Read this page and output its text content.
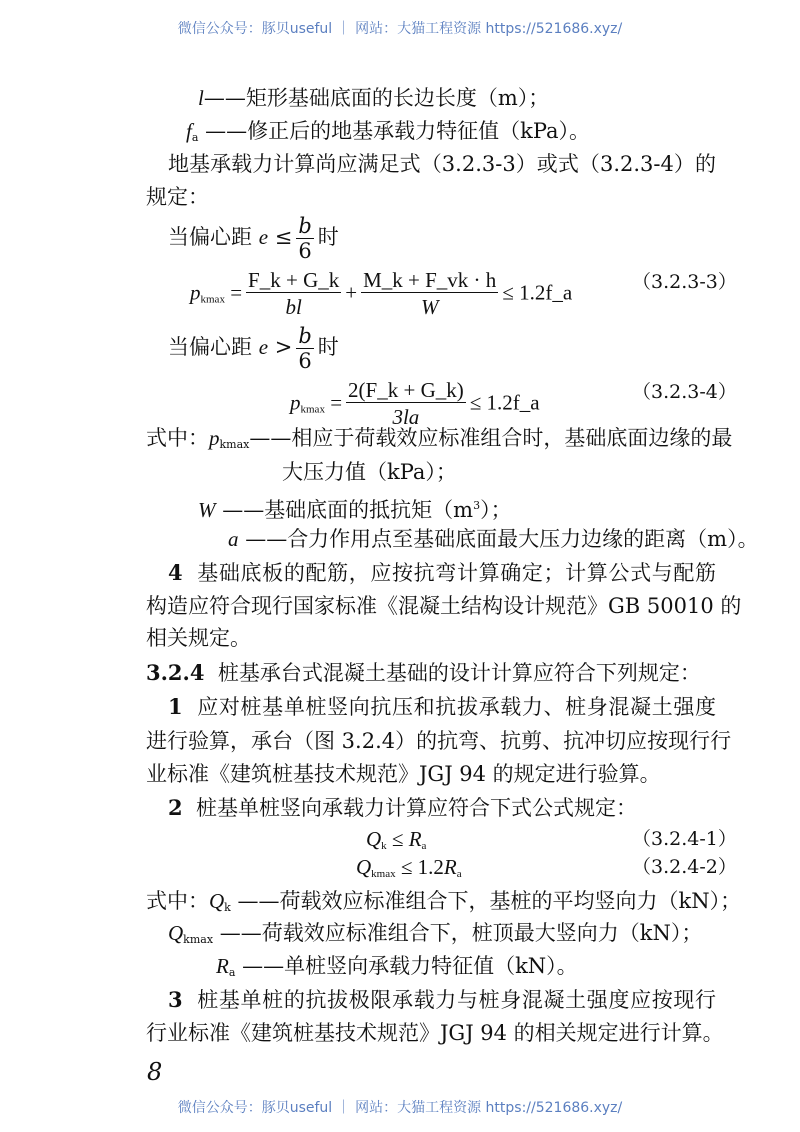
微信公众号：豚贝useful ｜ 网站：大猫工程资源 https://521686.xyz/
l——矩形基础底面的长边长度（m）；
$f_a$ ——修正后的地基承载力特征值（kPa）。
地基承载力计算尚应满足式（3.2.3-3）或式（3.2.3-4）的
规定：
当偏心距 $e \le \frac{b}{6}$ 时
$p_{kmax} = \frac{F\_k + G\_k}{bl} + \frac{M\_k + F\_vk \cdot h}{W}$ ≤ 1.2f_a	（3.2.3-3）
当偏心距 $e > \frac{b}{6}$ 时
$p_{kmax} = \frac{2(F\_k + G\_k)}{3la}$ ≤ 1.2f_a	（3.2.3-4）
式中：$p_{kmax}——$相应于荷载效应标准组合时，基础底面边缘的最
大压力值（kPa）；
W ——基础底面的抵抗矩$(m^3)$；
a ——合力作用点至基础底面最大压力边缘的距离（m）。
4 基础底板的配筋，应按抗弯计算确定；计算公式与配筋
构造应符合现行国家标准《混凝土结构设计规范》GB 50010 的
相关规定。
3.2.4 桩基承台式混凝土基础的设计计算应符合下列规定：
1 应对桩基单桩竖向抗压和抗拔承载力、桩身混凝土强度
进行验算，承台（图 3.2.4）的抗弯、抗剪、抗冲切应按现行行
业标准《建筑桩基技术规范》JGJ 94 的规定进行验算。
2 桩基单桩竖向承载力计算应符合下式公式规定：
$Q_k \le R_a$	（3.2.4-1）
$Q_{kmax} \le 1.2R_a$	（3.2.4-2）
式中：$Q_k$ ——荷载效应标准组合下，基桩的平均竖向力（kN）；
$Q_{kmax}$ ——荷载效应标准组合下，桩顶最大竖向力（kN）；
$R_a$ ——单桩竖向承载力特征值（kN）。
3 桩基单桩的抗拔极限承载力与桩身混凝土强度应按现行
行业标准《建筑桩基技术规范》JGJ 94 的相关规定进行计算。
8
微信公众号：豚贝useful ｜ 网站：大猫工程资源 https://521686.xyz/
